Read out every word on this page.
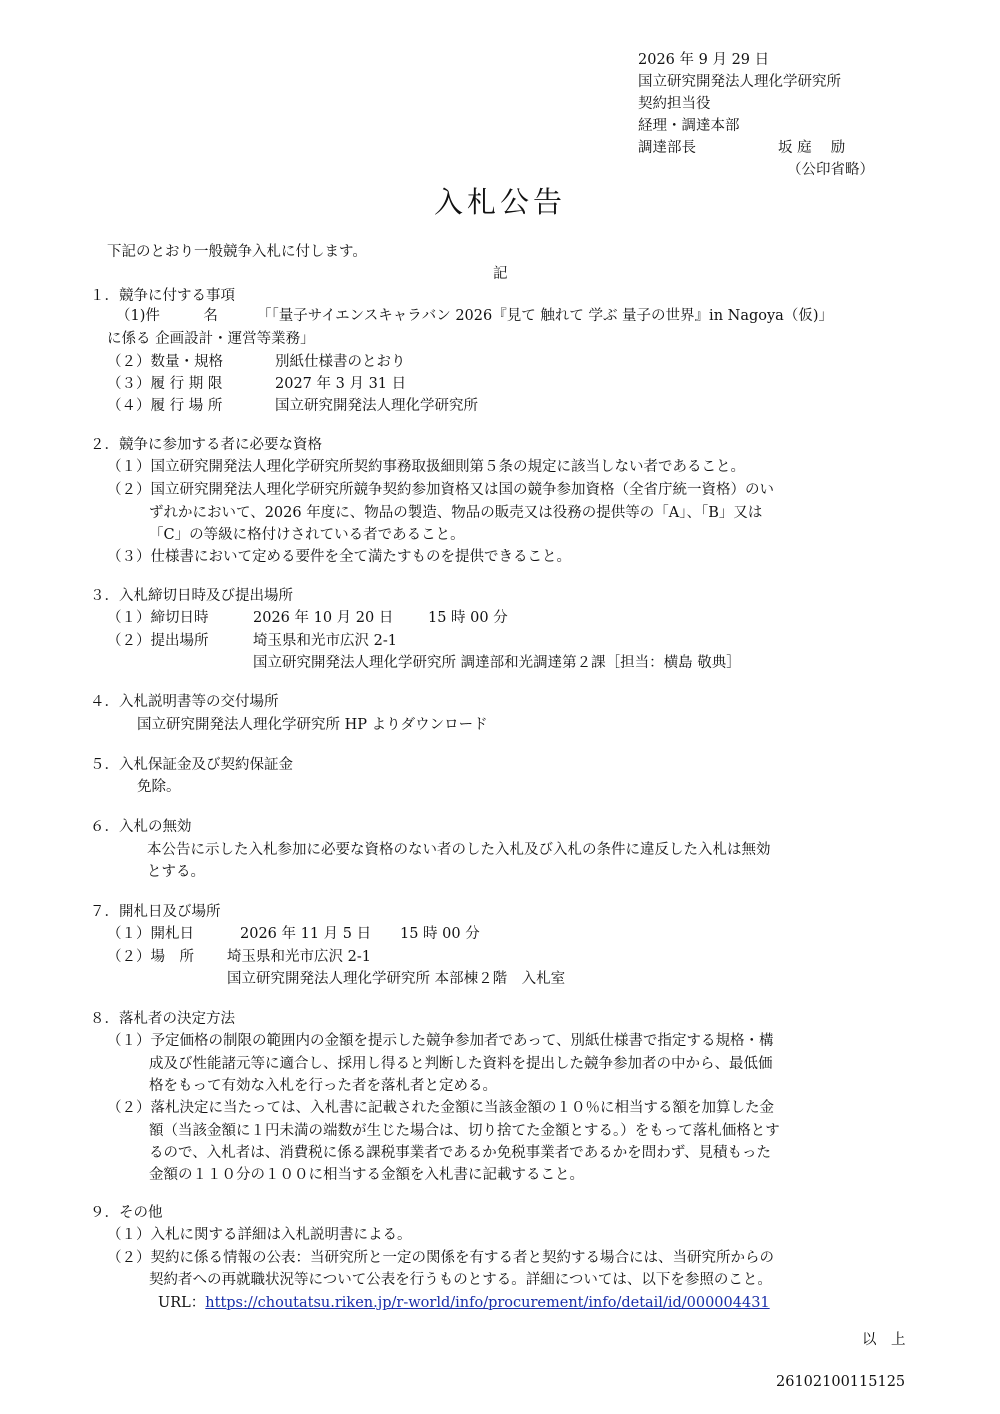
2026 年 9 月 29 日
国立研究開発法人理化学研究所
契約担当役
経理・調達本部
調達部長	坂 庭　 励
（公印省略）
入札公告
下記のとおり一般競争入札に付します。
記
１．競争に付する事項
（1)件　　　名	「「量子サイエンスキャラバン 2026『見て 触れて 学ぶ 量子の世界』in Nagoya（仮)」
に係る 企画設計・運営等業務」
（２）数量・規格	別紙仕様書のとおり
（３）履 行 期 限	2027 年 3 月 31 日
（４）履 行 場 所	国立研究開発法人理化学研究所
２．競争に参加する者に必要な資格
（１）国立研究開発法人理化学研究所契約事務取扱細則第５条の規定に該当しない者であること。
（２）国立研究開発法人理化学研究所競争契約参加資格又は国の競争参加資格（全省庁統一資格）のい
ずれかにおいて、2026 年度に、物品の製造、物品の販売又は役務の提供等の「A」、「B」又は
「C」の等級に格付けされている者であること。
（３）仕様書において定める要件を全て満たすものを提供できること。
３．入札締切日時及び提出場所
（１）締切日時	2026 年 10 月 20 日 15 時 00 分
（２）提出場所	埼玉県和光市広沢 2-1
国立研究開発法人理化学研究所 調達部和光調達第２課［担当：横島 敬典］
４．入札説明書等の交付場所
国立研究開発法人理化学研究所 HP よりダウンロード
５．入札保証金及び契約保証金
免除。
６．入札の無効
本公告に示した入札参加に必要な資格のない者のした入札及び入札の条件に違反した入札は無効
とする。
７．開札日及び場所
（１）開札日	2026 年 11 月 5 日 15 時 00 分
（２）場　所 埼玉県和光市広沢 2-1
国立研究開発法人理化学研究所 本部棟２階　入札室
８．落札者の決定方法
（１）予定価格の制限の範囲内の金額を提示した競争参加者であって、別紙仕様書で指定する規格・構
成及び性能諸元等に適合し、採用し得ると判断した資料を提出した競争参加者の中から、最低価
格をもって有効な入札を行った者を落札者と定める。
（２）落札決定に当たっては、入札書に記載された金額に当該金額の１０％に相当する額を加算した金
額（当該金額に１円未満の端数が生じた場合は、切り捨てた金額とする。）をもって落札価格とす
るので、入札者は、消費税に係る課税事業者であるか免税事業者であるかを問わず、見積もった
金額の１１０分の１００に相当する金額を入札書に記載すること。
９．その他
（１）入札に関する詳細は入札説明書による。
（２）契約に係る情報の公表：当研究所と一定の関係を有する者と契約する場合には、当研究所からの
契約者への再就職状況等について公表を行うものとする。詳細については、以下を参照のこと。
URL：https://choutatsu.riken.jp/r-world/info/procurement/info/detail/id/000004431
以　上
26102100115125
